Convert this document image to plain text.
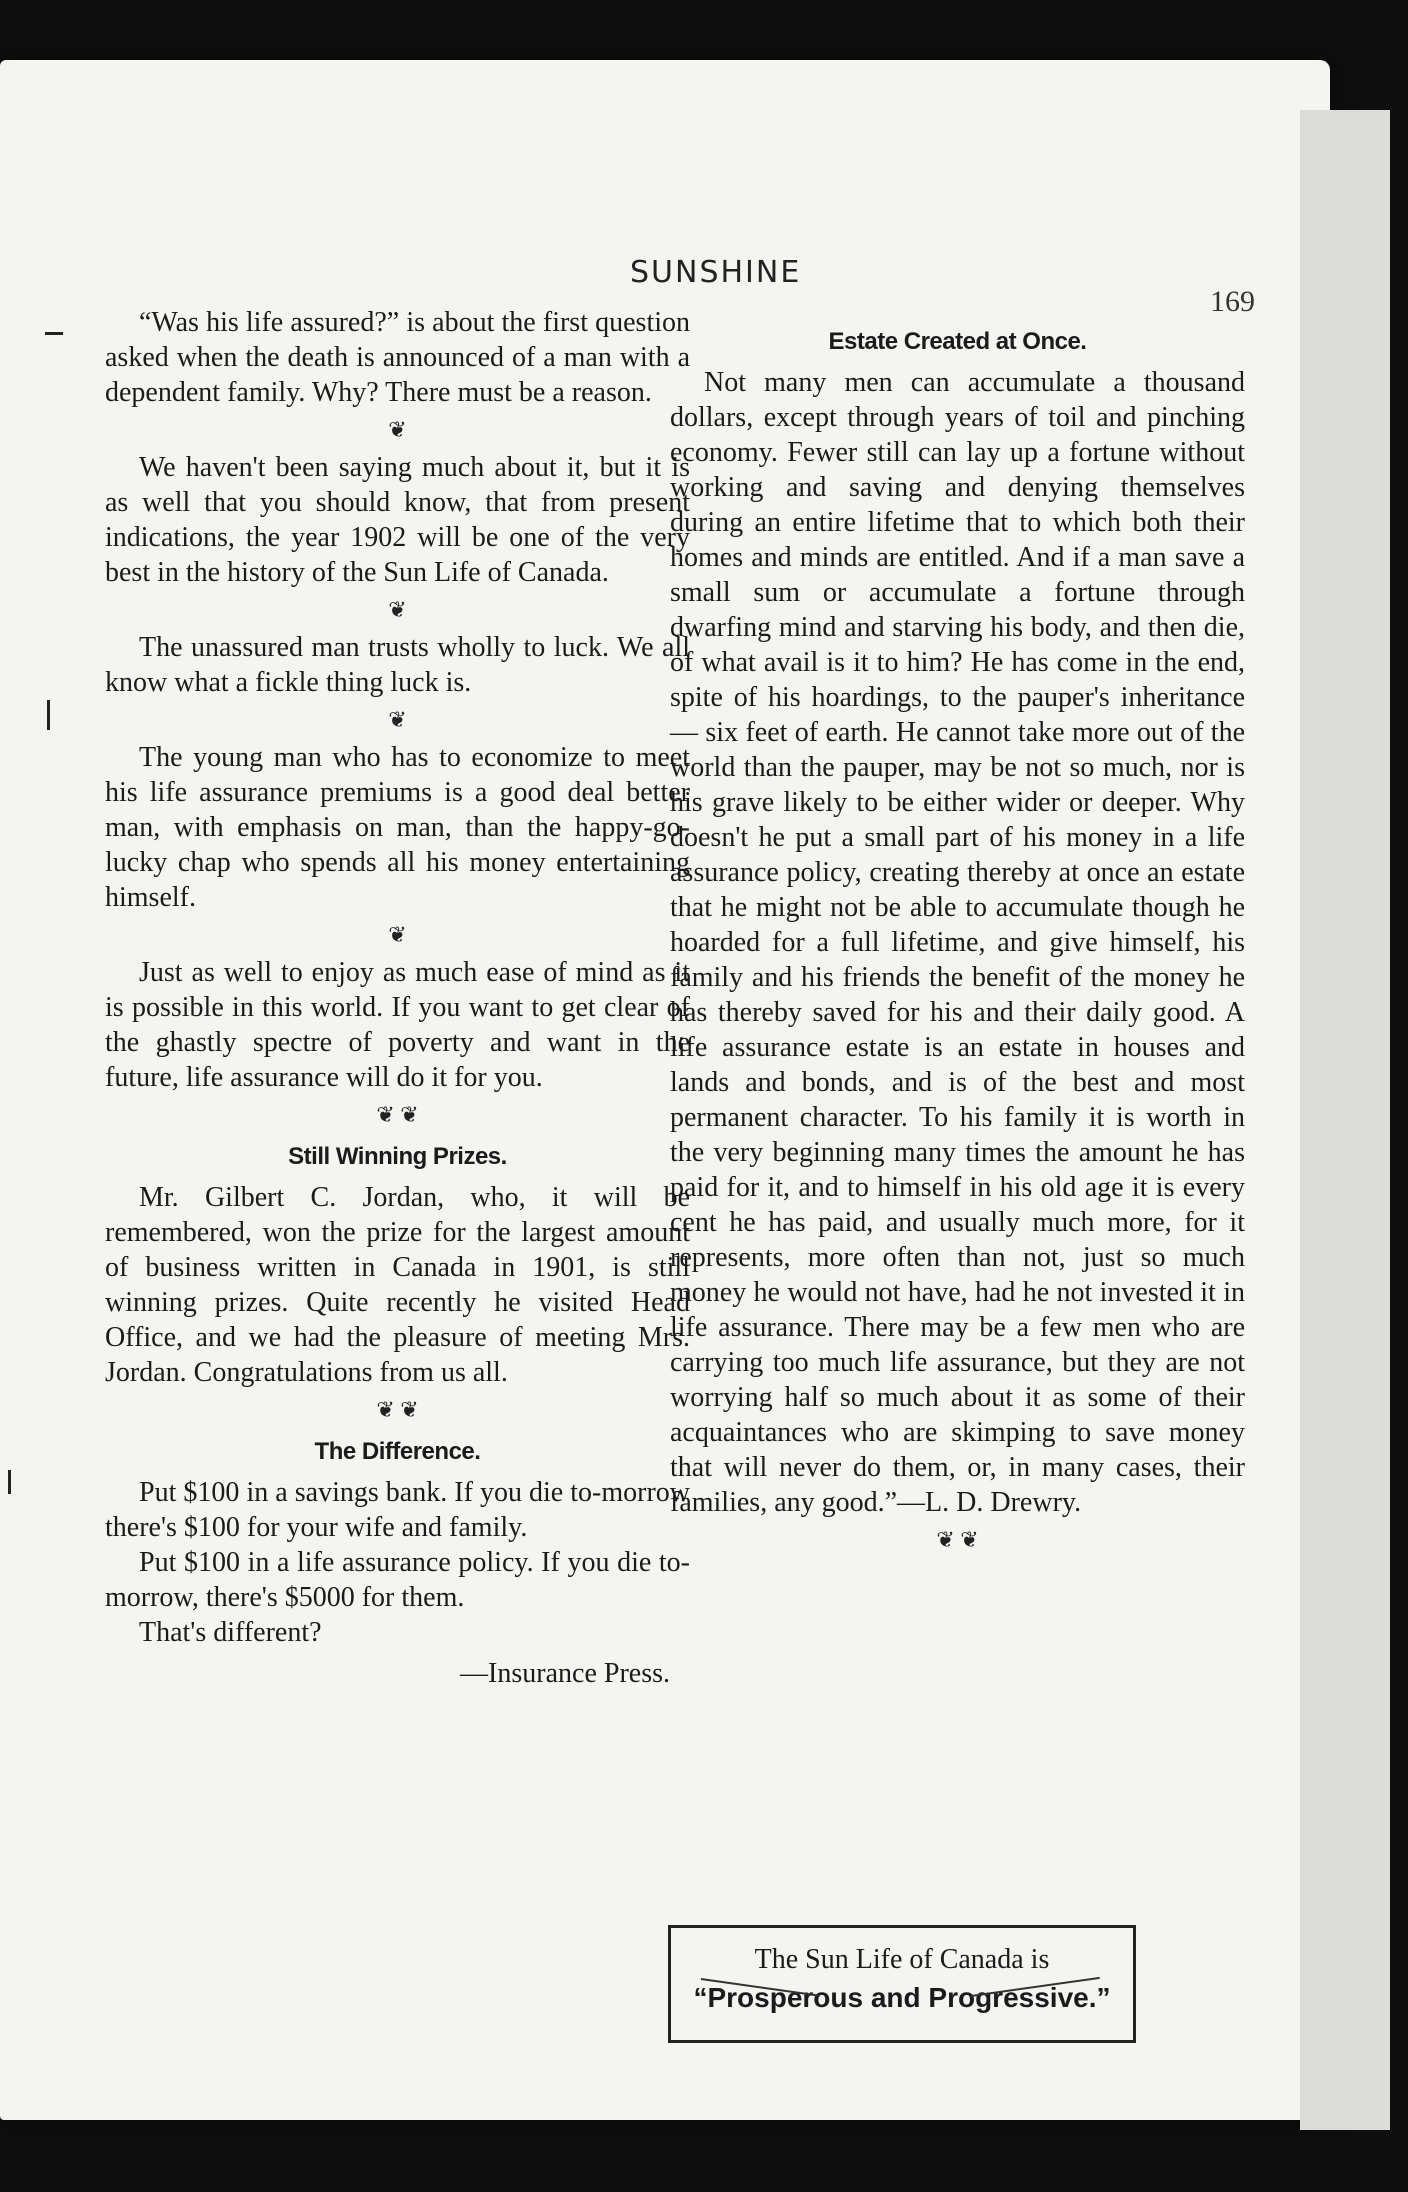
SUNSHINE
169

“Was his life assured?” is about the first question asked when the death is announced of a man with a dependent family. Why? There must be a reason.

❦

We haven't been saying much about it, but it is as well that you should know, that from present indications, the year 1902 will be one of the very best in the history of the Sun Life of Canada.

❦

The unassured man trusts wholly to luck. We all know what a fickle thing luck is.

❦

The young man who has to economize to meet his life assurance premiums is a good deal better man, with emphasis on man, than the happy-go-lucky chap who spends all his money entertaining himself.

❦

Just as well to enjoy as much ease of mind as it is possible in this world. If you want to get clear of the ghastly spectre of poverty and want in the future, life assurance will do it for you.

❦ ❦
Still Winning Prizes.

Mr. Gilbert C. Jordan, who, it will be remembered, won the prize for the largest amount of business written in Canada in 1901, is still winning prizes. Quite recently he visited Head Office, and we had the pleasure of meeting Mrs. Jordan. Congratulations from us all.

❦ ❦
The Difference.

Put $100 in a savings bank. If you die to-morrow there's $100 for your wife and family.

Put $100 in a life assurance policy. If you die to-morrow, there's $5000 for them.

That's different?

—Insurance Press.
Estate Created at Once.

Not many men can accumulate a thousand dollars, except through years of toil and pinching economy. Fewer still can lay up a fortune without working and saving and denying themselves during an entire lifetime that to which both their homes and minds are entitled. And if a man save a small sum or accumulate a fortune through dwarfing mind and starving his body, and then die, of what avail is it to him? He has come in the end, spite of his hoardings, to the pauper's inheritance — six feet of earth. He cannot take more out of the world than the pauper, may be not so much, nor is his grave likely to be either wider or deeper. Why doesn't he put a small part of his money in a life assurance policy, creating thereby at once an estate that he might not be able to accumulate though he hoarded for a full lifetime, and give himself, his family and his friends the benefit of the money he has thereby saved for his and their daily good. A life assurance estate is an estate in houses and lands and bonds, and is of the best and most permanent character. To his family it is worth in the very beginning many times the amount he has paid for it, and to himself in his old age it is every cent he has paid, and usually much more, for it represents, more often than not, just so much money he would not have, had he not invested it in life assurance. There may be a few men who are carrying too much life assurance, but they are not worrying half so much about it as some of their acquaintances who are skimping to save money that will never do them, or, in many cases, their families, any good.”—L. D. Drewry.

❦ ❦
The Sun Life of Canada is
“Prosperous and Progressive.”
